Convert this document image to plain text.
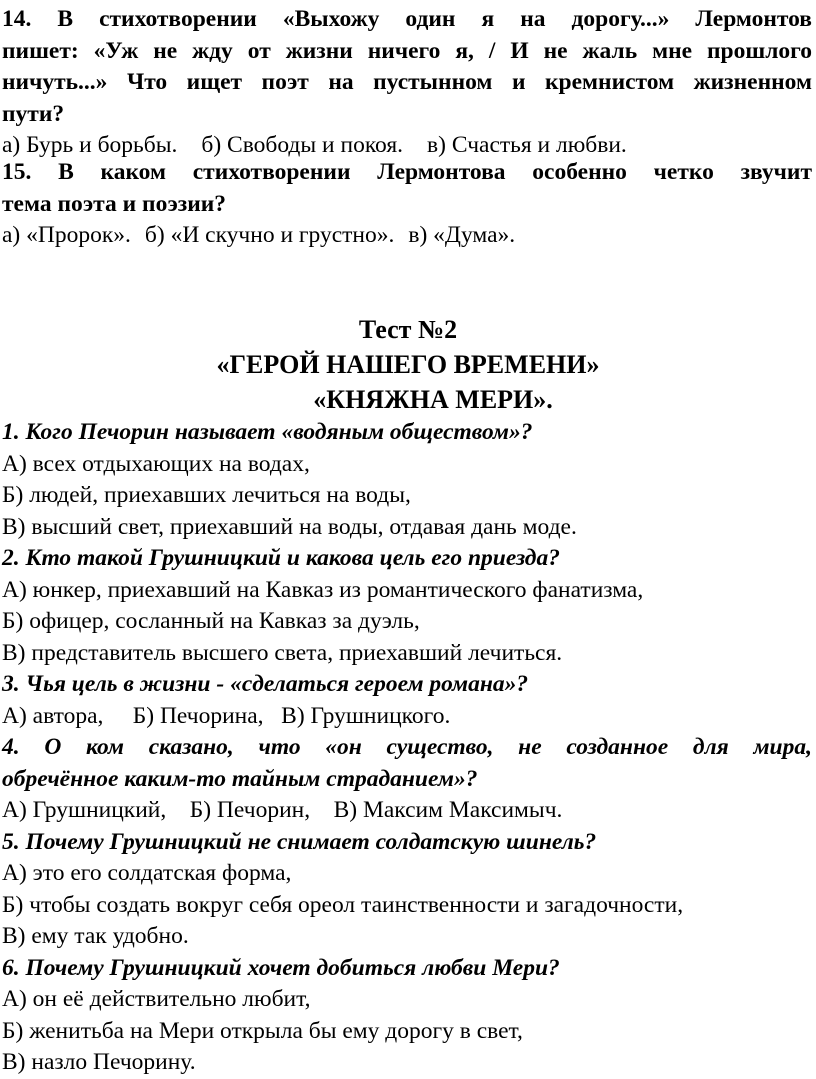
14. В стихотворении «Выхожу один я на дорогу...» Лермонтов

пишет: «Уж не жду от жизни ничего я, / И не жаль мне прошлого

ничуть...» Что ищет поэт на пустынном и кремнистом жизненном

пути?

а) Бурь и борьбы. б) Свободы и покоя. в) Счастья и любви.

15. В каком стихотворении Лермонтова особенно четко звучит

тема поэта и поэзии?

а) «Пророк». б) «И скучно и грустно». в) «Дума».

Тест №2
«ГЕРОЙ НАШЕГО ВРЕМЕНИ»
«КНЯЖНА МЕРИ».

1. Кого Печорин называет «водяным обществом»?

А) всех отдыхающих на водах,

Б) людей, приехавших лечиться на воды,

В) высший свет, приехавший на воды, отдавая дань моде.

2. Кто такой Грушницкий и какова цель его приезда?

А) юнкер, приехавший на Кавказ из романтического фанатизма,

Б) офицер, сосланный на Кавказ за дуэль,

В) представитель высшего света, приехавший лечиться.

3. Чья цель в жизни - «сделаться героем романа»?

А) автора,     Б) Печорина,   В) Грушницкого.

4. О ком сказано, что «он существо, не созданное для мира,

обречённое каким-то тайным страданием»?

А) Грушницкий,    Б) Печорин,    В) Максим Максимыч.

5. Почему Грушницкий не снимает солдатскую шинель?

А) это его солдатская форма,

Б) чтобы создать вокруг себя ореол таинственности и загадочности,

В) ему так удобно.

6. Почему Грушницкий хочет добиться любви Мери?

А) он её действительно любит,

Б) женитьба на Мери открыла бы ему дорогу в свет,

В) назло Печорину.
